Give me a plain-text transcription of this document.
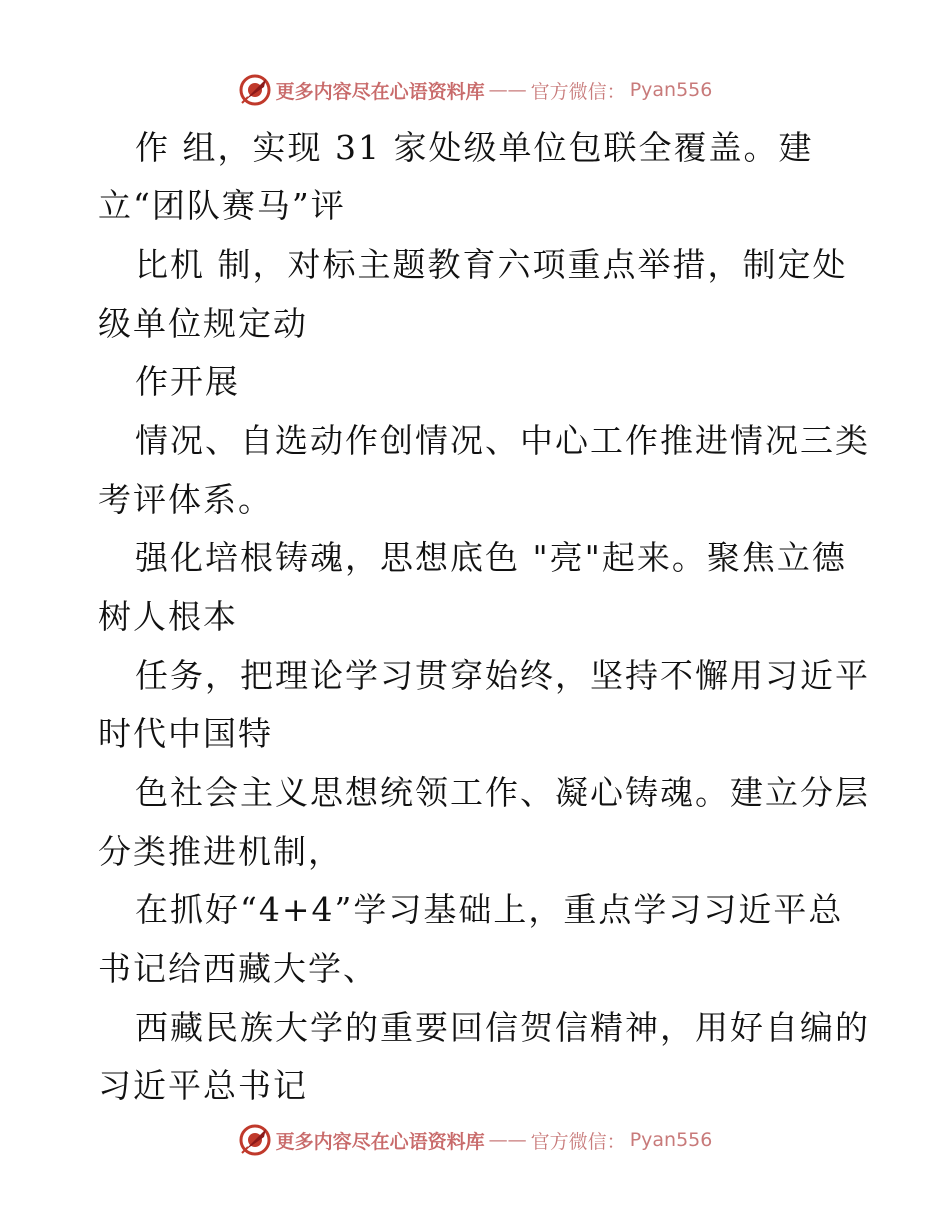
更多内容尽在心语资料库 —— 官方微信： Pyan556
作 组，实现 31 家处级单位包联全覆盖。建
立“团队赛马”评
比机 制，对标主题教育六项重点举措，制定处
级单位规定动
作开展
情况、自选动作创情况、中心工作推进情况三类
考评体系。
强化培根铸魂，思想底色 "亮"起来。聚焦立德
树人根本
任务，把理论学习贯穿始终，坚持不懈用习近平
时代中国特
色社会主义思想统领工作、凝心铸魂。建立分层
分类推进机制，
在抓好“4+4”学习基础上，重点学习习近平总
书记给西藏大学、
西藏民族大学的重要回信贺信精神，用好自编的
习近平总书记
更多内容尽在心语资料库 —— 官方微信： Pyan556
